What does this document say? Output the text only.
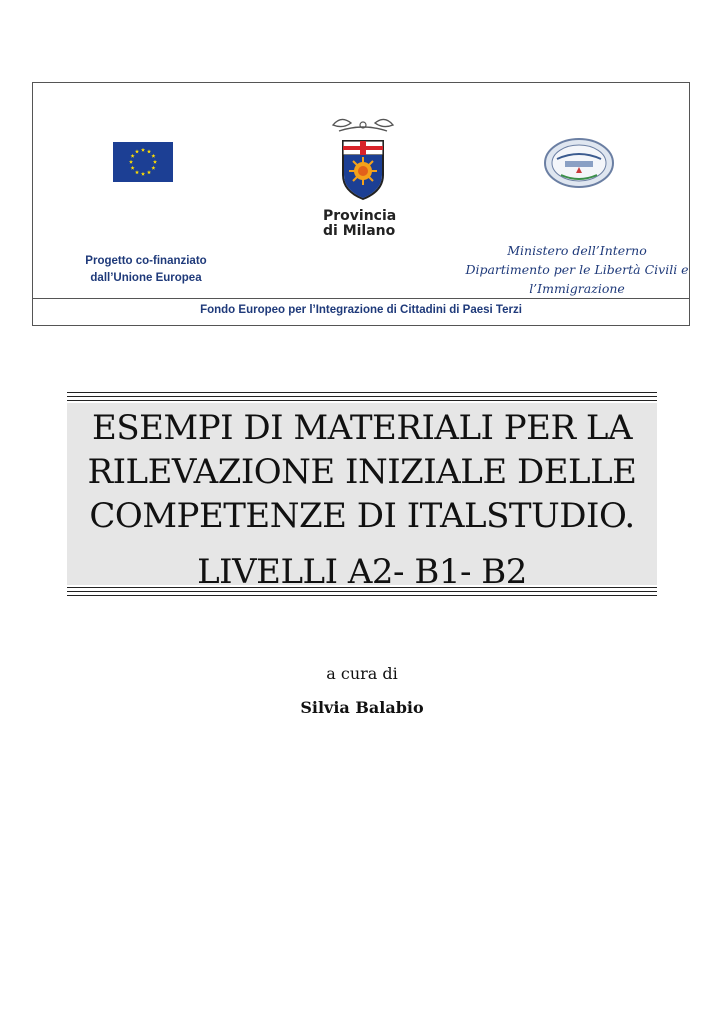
Progetto co-finanziato
dall’Unione Europea
Provincia
di Milano
Ministero dell’Interno
Dipartimento per le Libertà Civili e
l’Immigrazione
Fondo Europeo per l’Integrazione di Cittadini di Paesi Terzi
ESEMPI DI MATERIALI PER LA
RILEVAZIONE INIZIALE DELLE
COMPETENZE DI ITALSTUDIO.
LIVELLI A2- B1- B2
a cura di
Silvia Balabio
